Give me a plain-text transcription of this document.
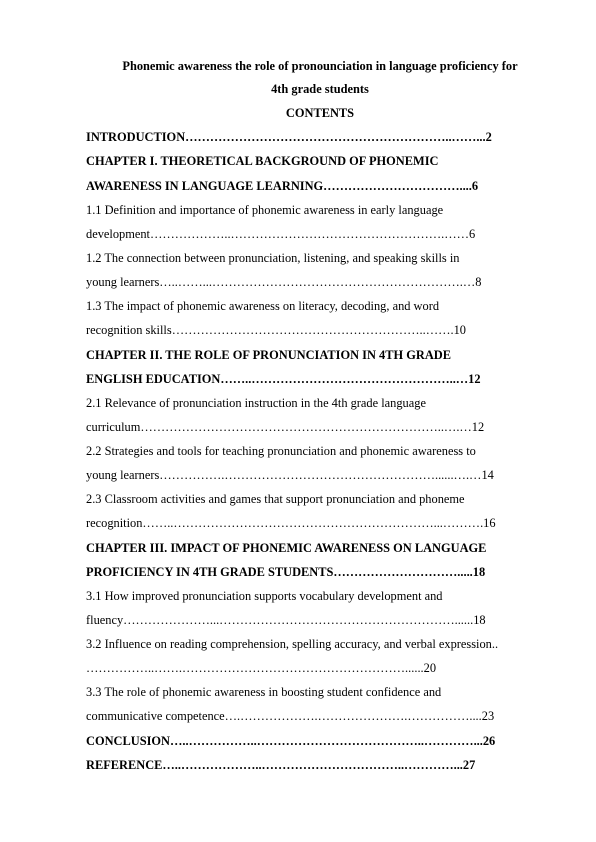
Phonemic awareness the role of pronounciation in language proficiency for
4th grade students
CONTENTS
INTRODUCTION………………………………………………………..……...2
CHAPTER I. THEORETICAL BACKGROUND OF PHONEMIC
AWARENESS IN LANGUAGE LEARNING……………………………....6
1.1 Definition and importance of phonemic awareness in early language
development………………..…………………………………………….……6
1.2 The connection between pronunciation, listening, and speaking skills in
young learners…..……...…………………………………………………….…8
1.3 The impact of phonemic awareness on literacy, decoding, and word
recognition skills……………………………………………………..…….10
CHAPTER II. THE ROLE OF PRONUNCIATION IN 4TH GRADE
ENGLISH EDUCATION……..…………………………………………..…12
2.1 Relevance of pronunciation instruction in the 4th grade language
curriculum………………………………………………………………..….…12
2.2 Strategies and tools for teaching pronunciation and phonemic awareness to
young learners…………….……………………………………………......….…14
2.3 Classroom activities and games that support pronunciation and phoneme
recognition……..………………………………………………………...……….16
CHAPTER III. IMPACT OF PHONEMIC AWARENESS ON LANGUAGE
PROFICIENCY IN 4TH GRADE STUDENTS………………………….....18
3.1 How improved pronunciation supports vocabulary development and
fluency…………………...…………………………………………………......18
3.2 Influence on reading comprehension, spelling accuracy, and verbal expression..
……………..…….………………………………………………......20
3.3 The role of phonemic awareness in boosting student confidence and
communicative competence….……………….………………….……………....23
CONCLUSION…..……………..…………………………………..…………...26
REFERENCE…..………………..……………………………..…………...27
